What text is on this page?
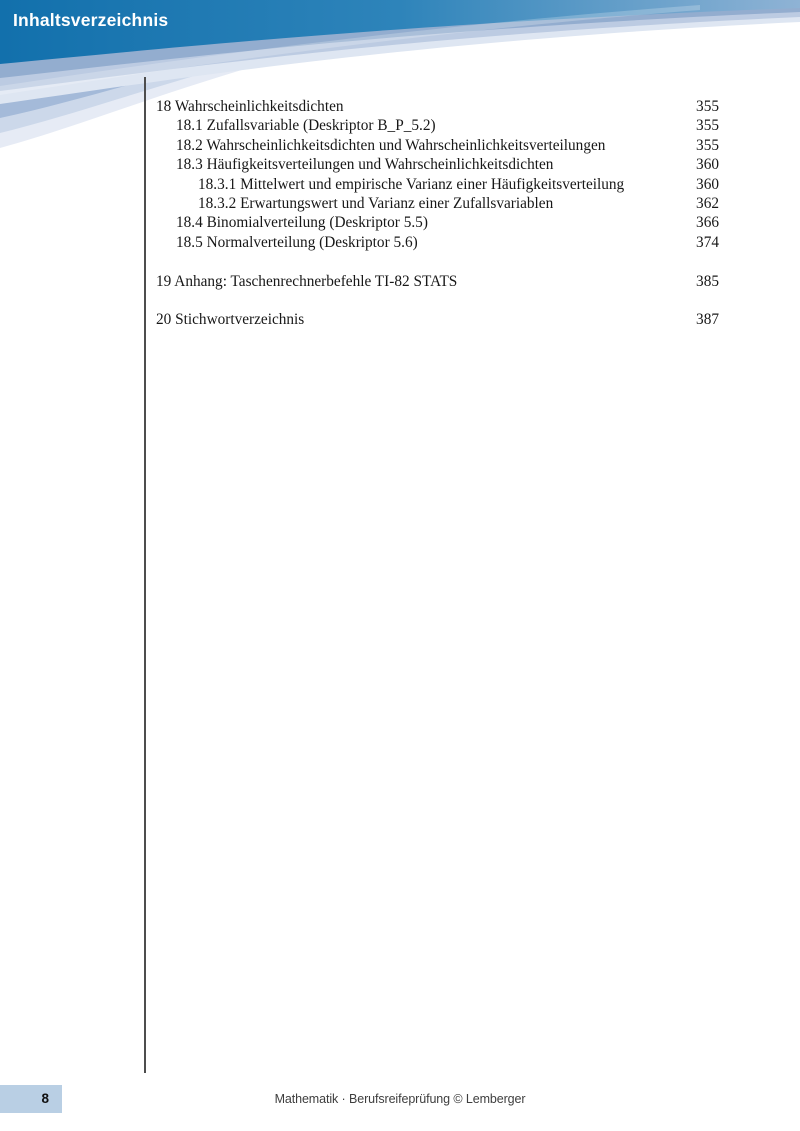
Inhaltsverzeichnis
18 Wahrscheinlichkeitsdichten	355
18.1 Zufallsvariable (Deskriptor B_P_5.2)	355
18.2 Wahrscheinlichkeitsdichten und Wahrscheinlichkeitsverteilungen	355
18.3 Häufigkeitsverteilungen und Wahrscheinlichkeitsdichten	360
18.3.1 Mittelwert und empirische Varianz einer Häufigkeitsverteilung	360
18.3.2 Erwartungswert und Varianz einer Zufallsvariablen	362
18.4 Binomialverteilung (Deskriptor 5.5)	366
18.5 Normalverteilung (Deskriptor 5.6)	374
19 Anhang: Taschenrechnerbefehle TI-82 STATS	385
20 Stichwortverzeichnis	387
8	Mathematik · Berufsreifeprüfung © Lemberger
